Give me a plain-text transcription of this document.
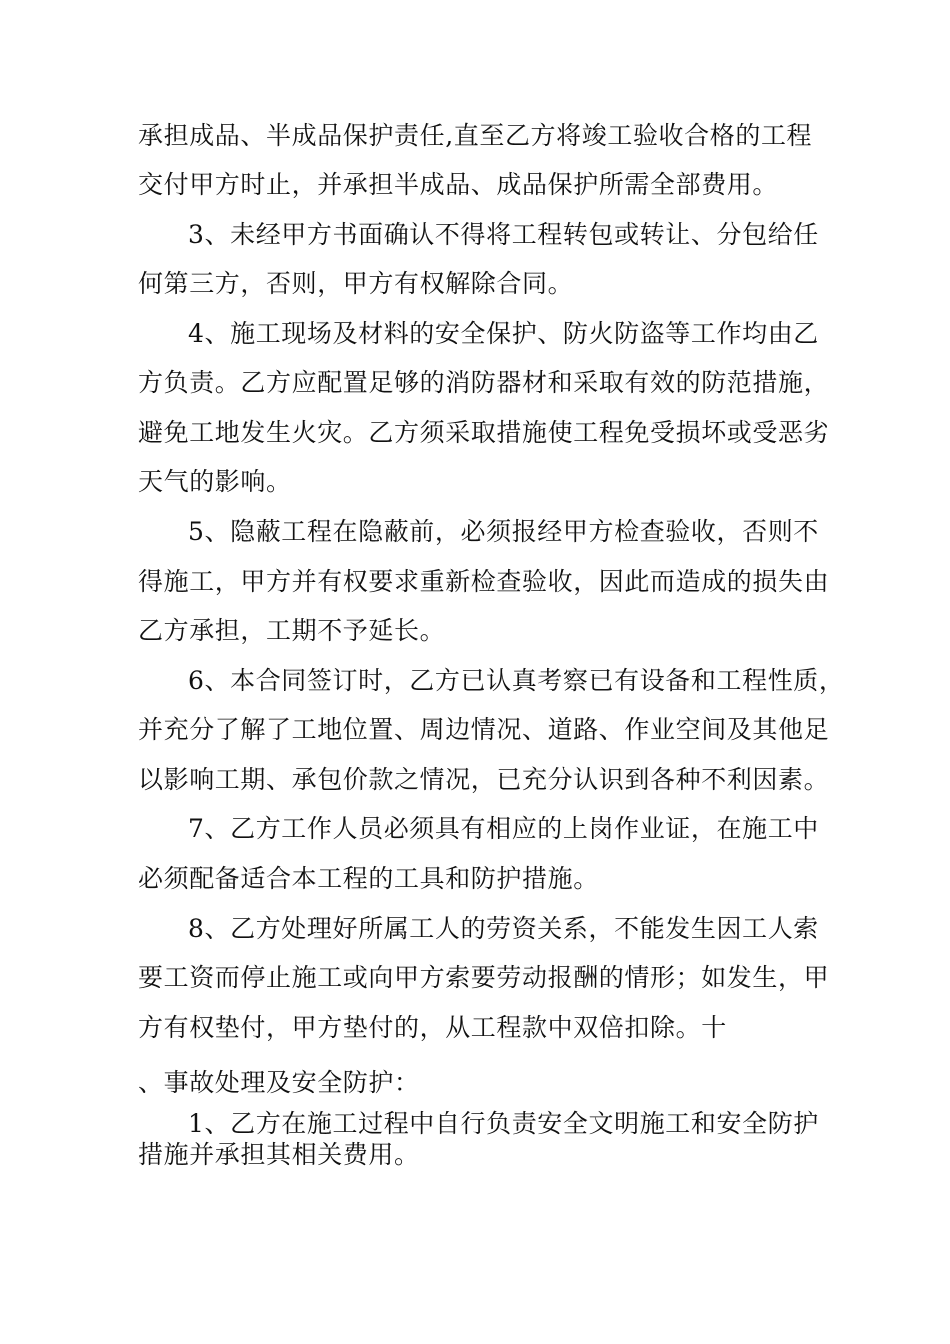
承担成品、半成品保护责任,直至乙方将竣工验收合格的工程
交付甲方时止，并承担半成品、成品保护所需全部费用。
3、未经甲方书面确认不得将工程转包或转让、分包给任
何第三方，否则，甲方有权解除合同。
4、施工现场及材料的安全保护、防火防盗等工作均由乙
方负责。乙方应配置足够的消防器材和采取有效的防范措施，
避免工地发生火灾。乙方须采取措施使工程免受损坏或受恶劣
天气的影响。
5、隐蔽工程在隐蔽前，必须报经甲方检查验收，否则不
得施工，甲方并有权要求重新检查验收，因此而造成的损失由
乙方承担，工期不予延长。
6、本合同签订时，乙方已认真考察已有设备和工程性质，
并充分了解了工地位置、周边情况、道路、作业空间及其他足
以影响工期、承包价款之情况，已充分认识到各种不利因素。
7、乙方工作人员必须具有相应的上岗作业证，在施工中
必须配备适合本工程的工具和防护措施。
8、乙方处理好所属工人的劳资关系，不能发生因工人索
要工资而停止施工或向甲方索要劳动报酬的情形；如发生，甲
方有权垫付，甲方垫付的，从工程款中双倍扣除。十
、事故处理及安全防护：
1、乙方在施工过程中自行负责安全文明施工和安全防护
措施并承担其相关费用。
